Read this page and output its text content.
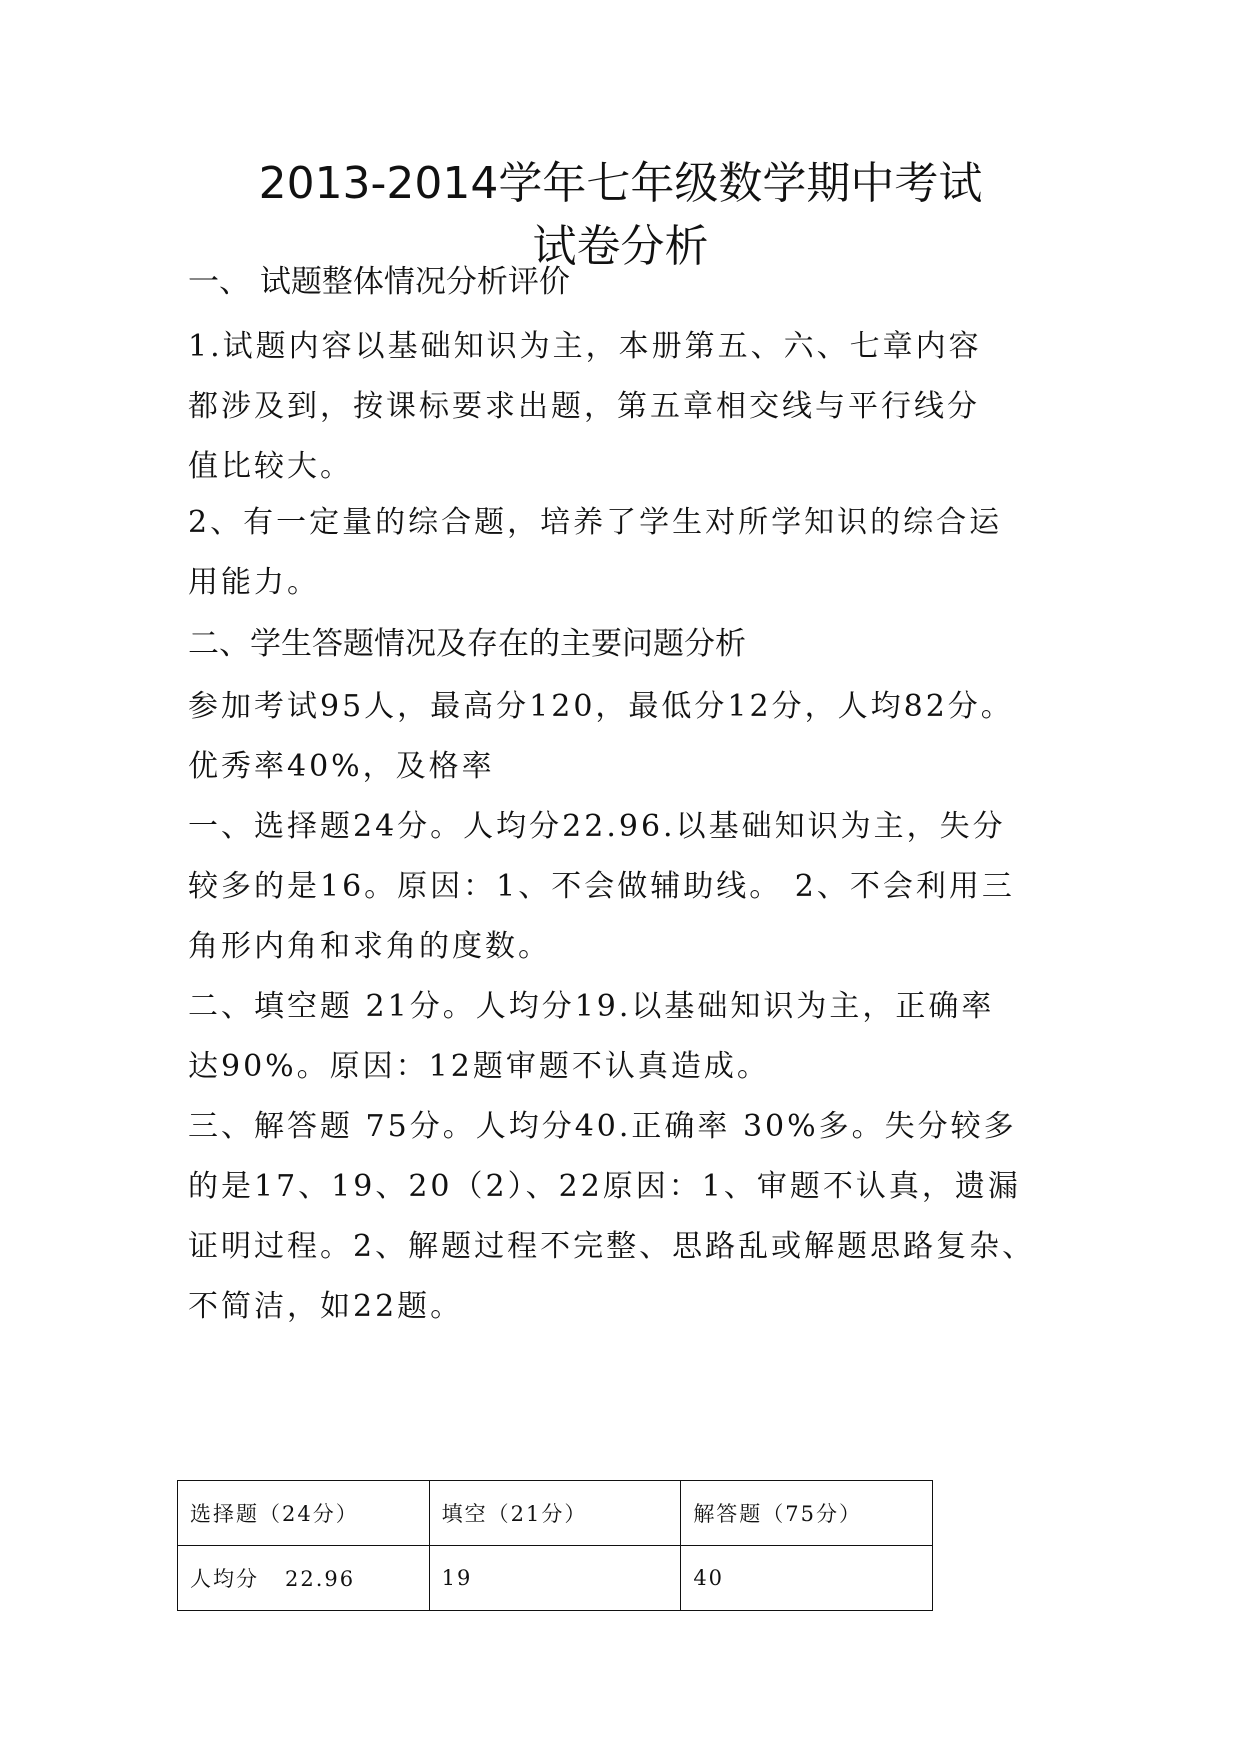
2013-2014学年七年级数学期中考试
试卷分析
一、 试题整体情况分析评价
1.试题内容以基础知识为主，本册第五、六、七章内容
都涉及到，按课标要求出题，第五章相交线与平行线分
值比较大。
2、有一定量的综合题，培养了学生对所学知识的综合运
用能力。
二、学生答题情况及存在的主要问题分析
参加考试95人，最高分120，最低分12分，人均82分。
优秀率40%，及格率
一、选择题24分。人均分22.96.以基础知识为主，失分
较多的是16。原因：1、不会做辅助线。 2、不会利用三
角形内角和求角的度数。
二、填空题 21分。人均分19.以基础知识为主，正确率
达90%。原因：12题审题不认真造成。
三、解答题 75分。人均分40.正确率 30%多。失分较多
的是17、19、20（2）、22原因：1、审题不认真，遗漏
证明过程。2、解题过程不完整、思路乱或解题思路复杂、
不简洁，如22题。
选择题（24分）	填空（21分）	解答题（75分）
人均分   22.96	19	40
